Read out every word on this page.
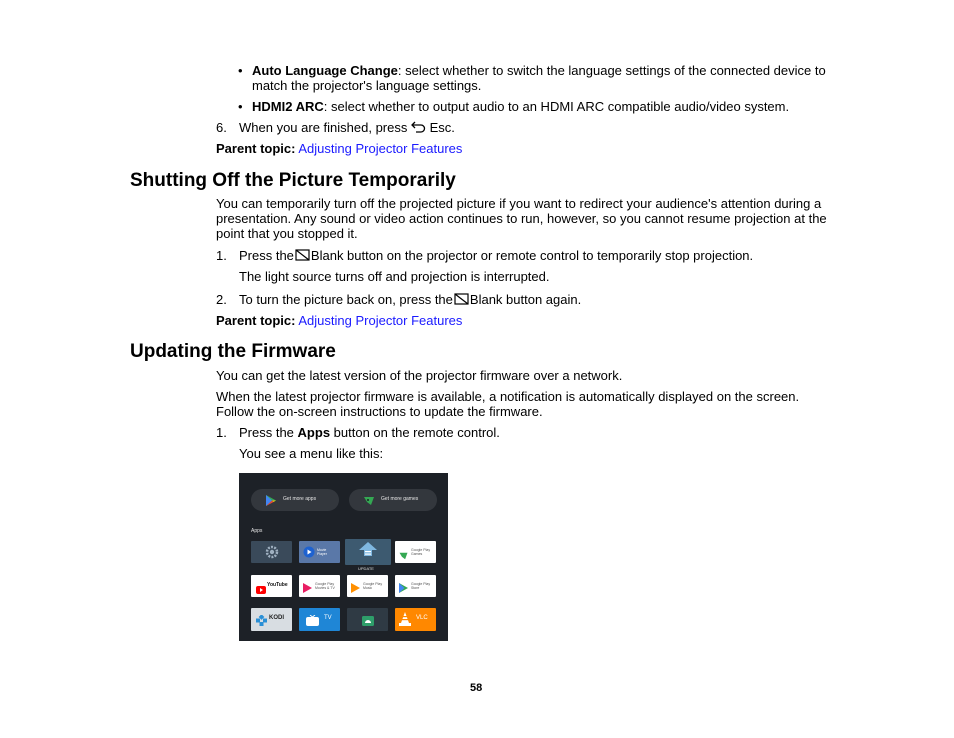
• Auto Language Change: select whether to switch the language settings of the connected device to match the projector's language settings.
• HDMI2 ARC: select whether to output audio to an HDMI ARC compatible audio/video system.
6. When you are finished, press Esc.
Parent topic: Adjusting Projector Features
Shutting Off the Picture Temporarily
You can temporarily turn off the projected picture if you want to redirect your audience's attention during a presentation. Any sound or video action continues to run, however, so you cannot resume projection at the point that you stopped it.
1. Press the Blank button on the projector or remote control to temporarily stop projection.
The light source turns off and projection is interrupted.
2. To turn the picture back on, press the Blank button again.
Parent topic: Adjusting Projector Features
Updating the Firmware
You can get the latest version of the projector firmware over a network.
When the latest projector firmware is available, a notification is automatically displayed on the screen. Follow the on-screen instructions to update the firmware.
1. Press the Apps button on the remote control.
You see a menu like this:
Get more apps	Get more games
Apps
Movie Player
UPDATE
Google Play Games
YouTube	Google Play Movies & TV
Google Play Music
Google Play Store
KODI	TV	VLC
58
